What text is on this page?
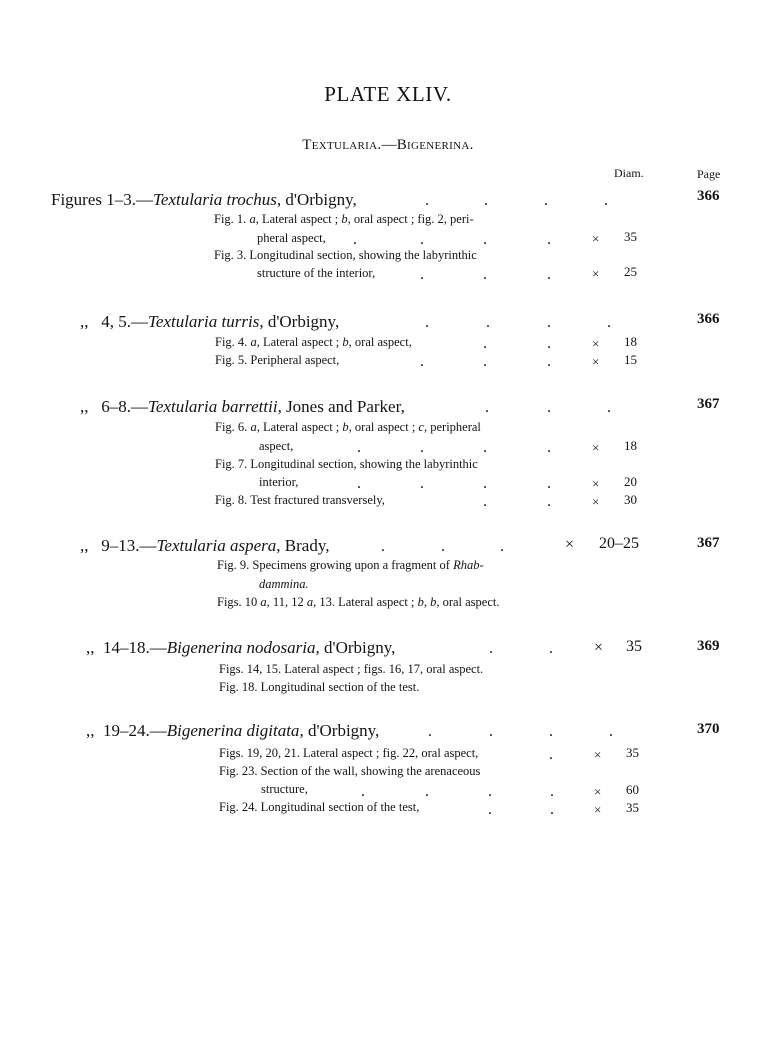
PLATE XLIV.
Textularia.—Bigenerina.
Diam.	Page
Figures 1–3.—Textularia trochus, d'Orbigny,	.	.	.	.	366
Fig. 1. a, Lateral aspect ; b, oral aspect ; fig. 2, peri-
pheral aspect, .	.	.	.	× 35
Fig. 3. Longitudinal section, showing the labyrinthic
structure of the interior,	.	.	.	× 25
,, 4, 5.—Textularia turris, d'Orbigny,	.	.	.	.	366
Fig. 4. a, Lateral aspect ; b, oral aspect,	.	.	× 18
Fig. 5. Peripheral aspect,	.	.	.	× 15
,, 6–8.—Textularia barrettii, Jones and Parker,	.	.	.	367
Fig. 6. a, Lateral aspect ; b, oral aspect ; c, peripheral
aspect,	.	.	.	.	× 18
Fig. 7. Longitudinal section, showing the labyrinthic
interior,	.	.	.	.	× 20
Fig. 8. Test fractured transversely,	.	.	× 30
,, 9–13.—Textularia aspera, Brady,	.	.	.	× 20–25	367
Fig. 9. Specimens growing upon a fragment of Rhab-
dammina.
Figs. 10 a, 11, 12 a, 13. Lateral aspect ; b, b, oral aspect.
,, 14–18.—Bigenerina nodosaria, d'Orbigny,	.	.	× 35	369
Figs. 14, 15. Lateral aspect ; figs. 16, 17, oral aspect.
Fig. 18. Longitudinal section of the test.
,, 19–24.—Bigenerina digitata, d'Orbigny,	.	.	.	.	370
Figs. 19, 20, 21. Lateral aspect ; fig. 22, oral aspect,	.	× 35
Fig. 23. Section of the wall, showing the arenaceous
structure,	.	.	.	.	× 60
Fig. 24. Longitudinal section of the test,	.	.	× 35
